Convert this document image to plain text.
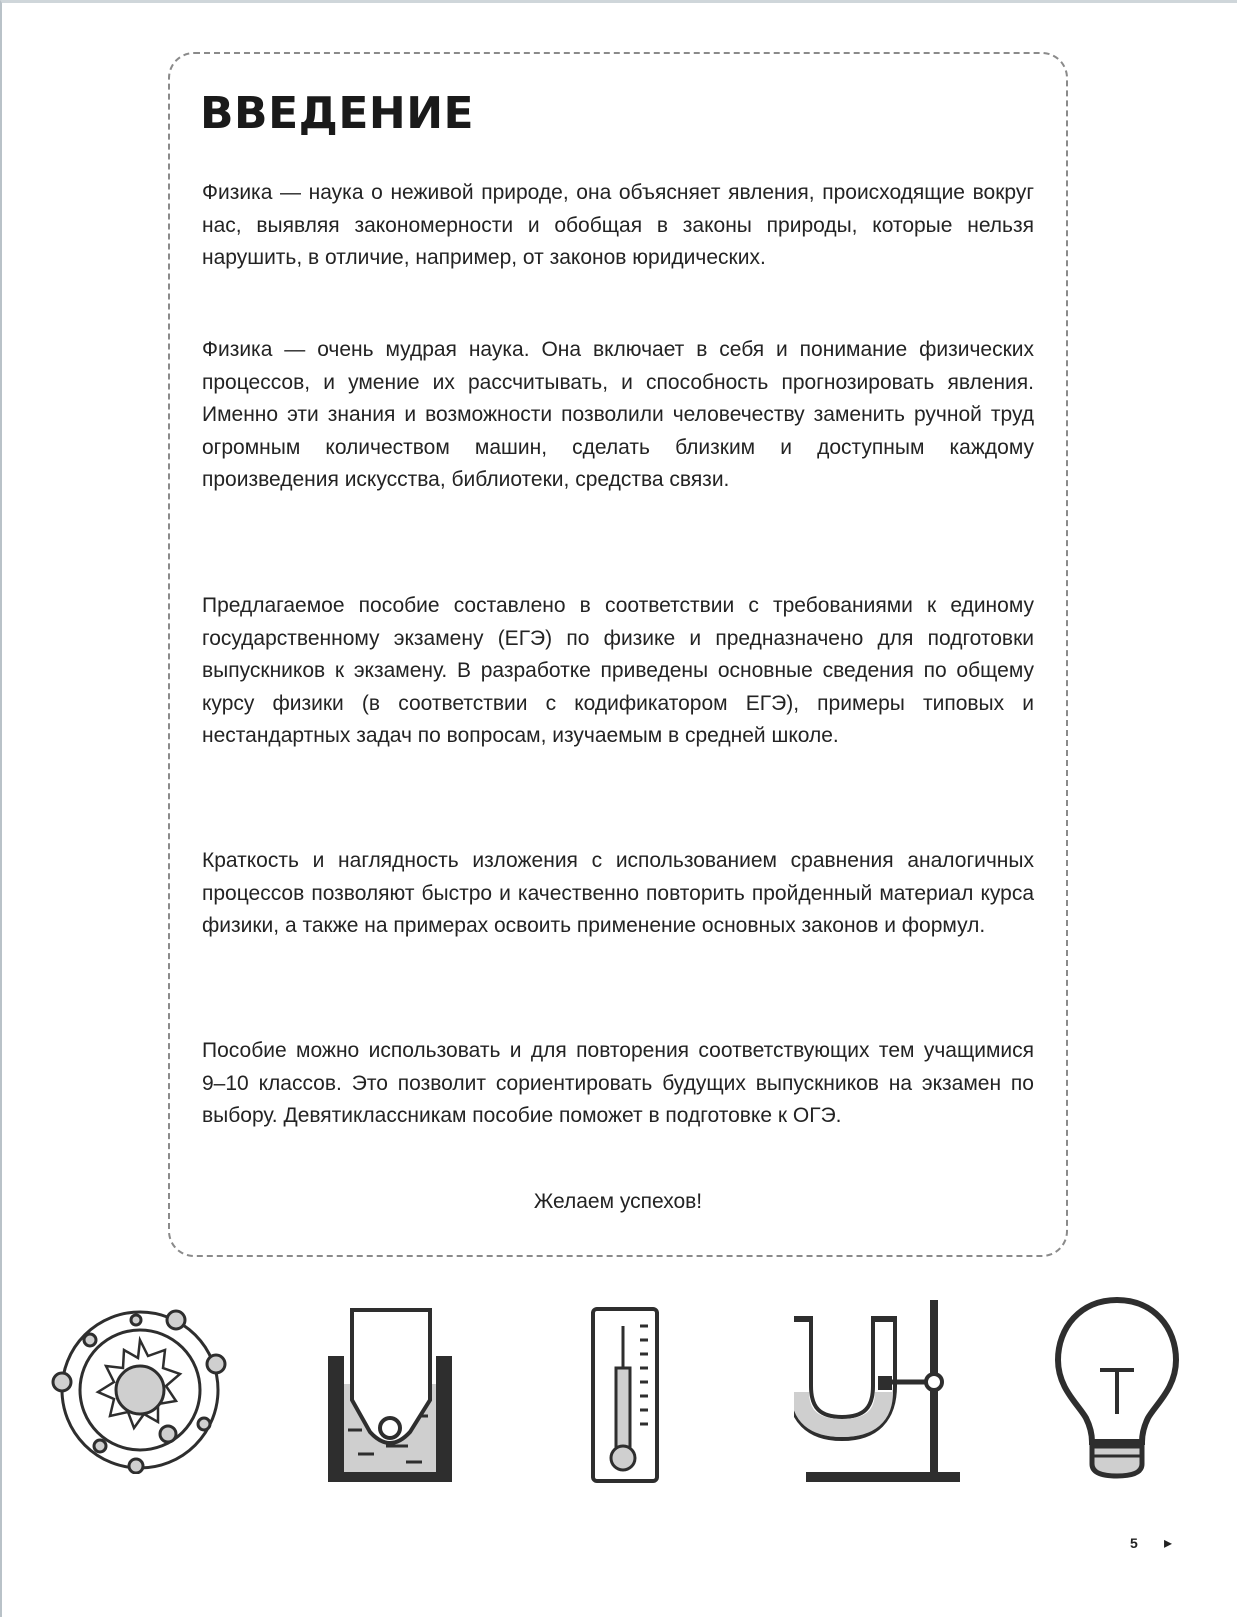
ВВЕДЕНИЕ

Физика — наука о неживой природе, она объясняет явления, происходящие вокруг нас, выявляя закономерности и обобщая в законы природы, которые нельзя нарушить, в отличие, например, от законов юридических.

Физика — очень мудрая наука. Она включает в себя и понимание физических процессов, и умение их рассчитывать, и способность прогнозировать явления. Именно эти знания и возможности позволили человечеству заменить ручной труд огромным количеством машин, сделать близким и доступным каждому произведения искусства, библиотеки, средства связи.

Предлагаемое пособие составлено в соответствии с требованиями к единому государственному экзамену (ЕГЭ) по физике и предназначено для подготовки выпускников к экзамену. В разработке приведены основные сведения по общему курсу физики (в соответствии с кодификатором ЕГЭ), примеры типовых и нестандартных задач по вопросам, изучаемым в средней школе.

Краткость и наглядность изложения с использованием сравнения аналогичных процессов позволяют быстро и качественно повторить пройденный материал курса физики, а также на примерах освоить применение основных законов и формул.

Пособие можно использовать и для повторения соответствующих тем учащимися 9–10 классов. Это позволит сориентировать будущих выпускников на экзамен по выбору. Девятиклассникам пособие поможет в подготовке к ОГЭ.

Желаем успехов!

5 ▸
